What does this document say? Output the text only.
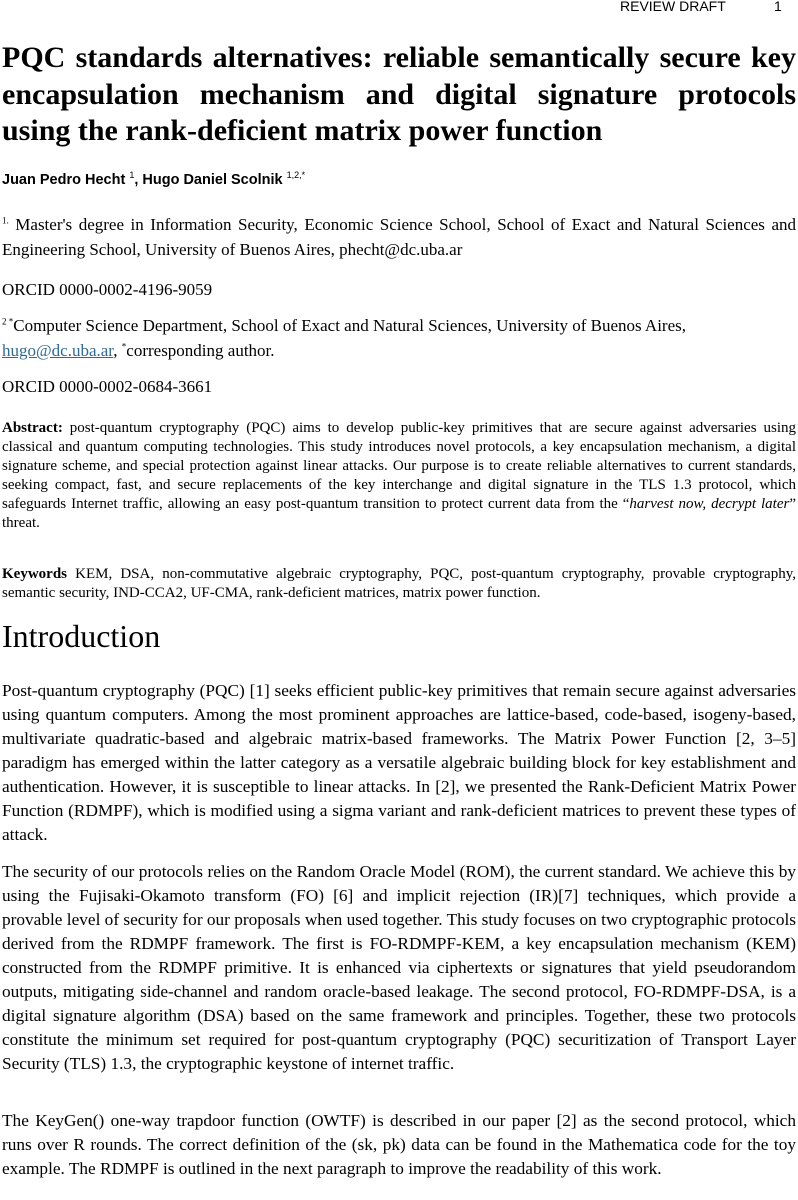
REVIEW DRAFT	1
PQC standards alternatives: reliable semantically secure key encapsulation mechanism and digital signature protocols using the rank-deficient matrix power function
Juan Pedro Hecht $^1$, Hugo Daniel Scolnik $^{1,2,*}$

$^{1.}$ Master's degree in Information Security, Economic Science School, School of Exact and Natural Sciences and Engineering School, University of Buenos Aires, phecht@dc.uba.ar

ORCID 0000-0002-4196-9059

$^{2 *}$Computer Science Department, School of Exact and Natural Sciences, University of Buenos Aires,
hugo@dc.uba.ar, *corresponding author.

ORCID 0000-0002-0684-3661

Abstract: post-quantum cryptography (PQC) aims to develop public-key primitives that are secure against adversaries using classical and quantum computing technologies. This study introduces novel protocols, a key encapsulation mechanism, a digital signature scheme, and special protection against linear attacks. Our purpose is to create reliable alternatives to current standards, seeking compact, fast, and secure replacements of the key interchange and digital signature in the TLS 1.3 protocol, which safeguards Internet traffic, allowing an easy post-quantum transition to protect current data from the “harvest now, decrypt later” threat.

Keywords KEM, DSA, non-commutative algebraic cryptography, PQC, post-quantum cryptography, provable cryptography, semantic security, IND-CCA2, UF-CMA, rank-deficient matrices, matrix power function.

Introduction

Post-quantum cryptography (PQC) [1] seeks efficient public-key primitives that remain secure against adversaries using quantum computers. Among the most prominent approaches are lattice-based, code-based, isogeny-based, multivariate quadratic-based and algebraic matrix-based frameworks. The Matrix Power Function [2, 3–5] paradigm has emerged within the latter category as a versatile algebraic building block for key establishment and authentication. However, it is susceptible to linear attacks. In [2], we presented the Rank-Deficient Matrix Power Function (RDMPF), which is modified using a sigma variant and rank-deficient matrices to prevent these types of attack.

The security of our protocols relies on the Random Oracle Model (ROM), the current standard. We achieve this by using the Fujisaki-Okamoto transform (FO) [6] and implicit rejection (IR)[7] techniques, which provide a provable level of security for our proposals when used together. This study focuses on two cryptographic protocols derived from the RDMPF framework. The first is FO-RDMPF-KEM, a key encapsulation mechanism (KEM) constructed from the RDMPF primitive. It is enhanced via ciphertexts or signatures that yield pseudorandom outputs, mitigating side-channel and random oracle-based leakage. The second protocol, FO-RDMPF-DSA, is a digital signature algorithm (DSA) based on the same framework and principles. Together, these two protocols constitute the minimum set required for post-quantum cryptography (PQC) securitization of Transport Layer Security (TLS) 1.3, the cryptographic keystone of internet traffic.

The KeyGen() one-way trapdoor function (OWTF) is described in our paper [2] as the second protocol, which runs over R rounds. The correct definition of the (sk, pk) data can be found in the Mathematica code for the toy example. The RDMPF is outlined in the next paragraph to improve the readability of this work.
